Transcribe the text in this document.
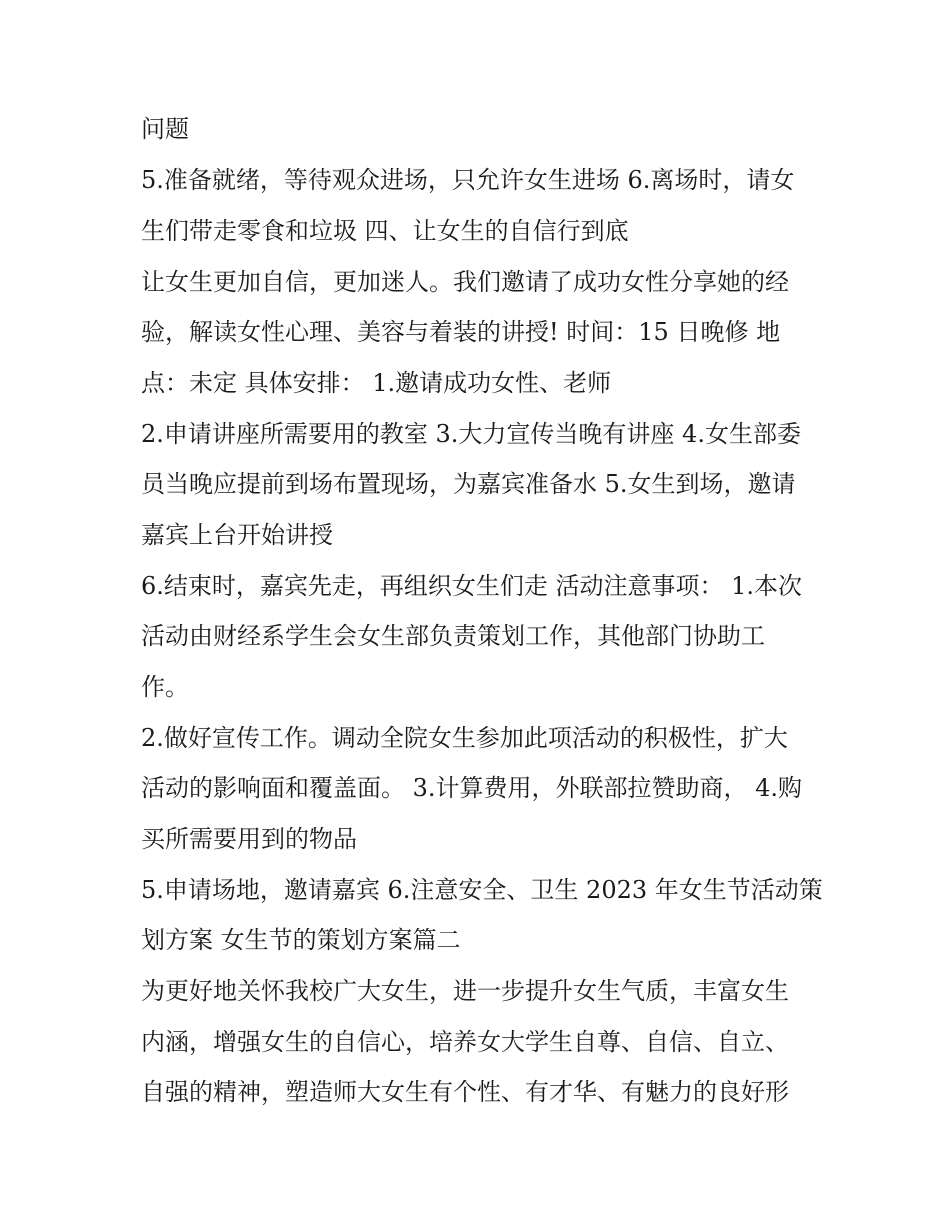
问题
5.准备就绪，等待观众进场，只允许女生进场 6.离场时，请女
生们带走零食和垃圾 四、让女生的自信行到底
让女生更加自信，更加迷人。我们邀请了成功女性分享她的经
验，解读女性心理、美容与着装的讲授! 时间：15 日晚修 地
点：未定 具体安排： 1.邀请成功女性、老师
2.申请讲座所需要用的教室 3.大力宣传当晚有讲座 4.女生部委
员当晚应提前到场布置现场，为嘉宾准备水 5.女生到场，邀请
嘉宾上台开始讲授
6.结束时，嘉宾先走，再组织女生们走 活动注意事项： 1.本次
活动由财经系学生会女生部负责策划工作，其他部门协助工
作。
2.做好宣传工作。调动全院女生参加此项活动的积极性，扩大
活动的影响面和覆盖面。 3.计算费用，外联部拉赞助商， 4.购
买所需要用到的物品
5.申请场地，邀请嘉宾 6.注意安全、卫生 2023 年女生节活动策
划方案 女生节的策划方案篇二
为更好地关怀我校广大女生，进一步提升女生气质，丰富女生
内涵，增强女生的自信心，培养女大学生自尊、自信、自立、
自强的精神，塑造师大女生有个性、有才华、有魅力的良好形
